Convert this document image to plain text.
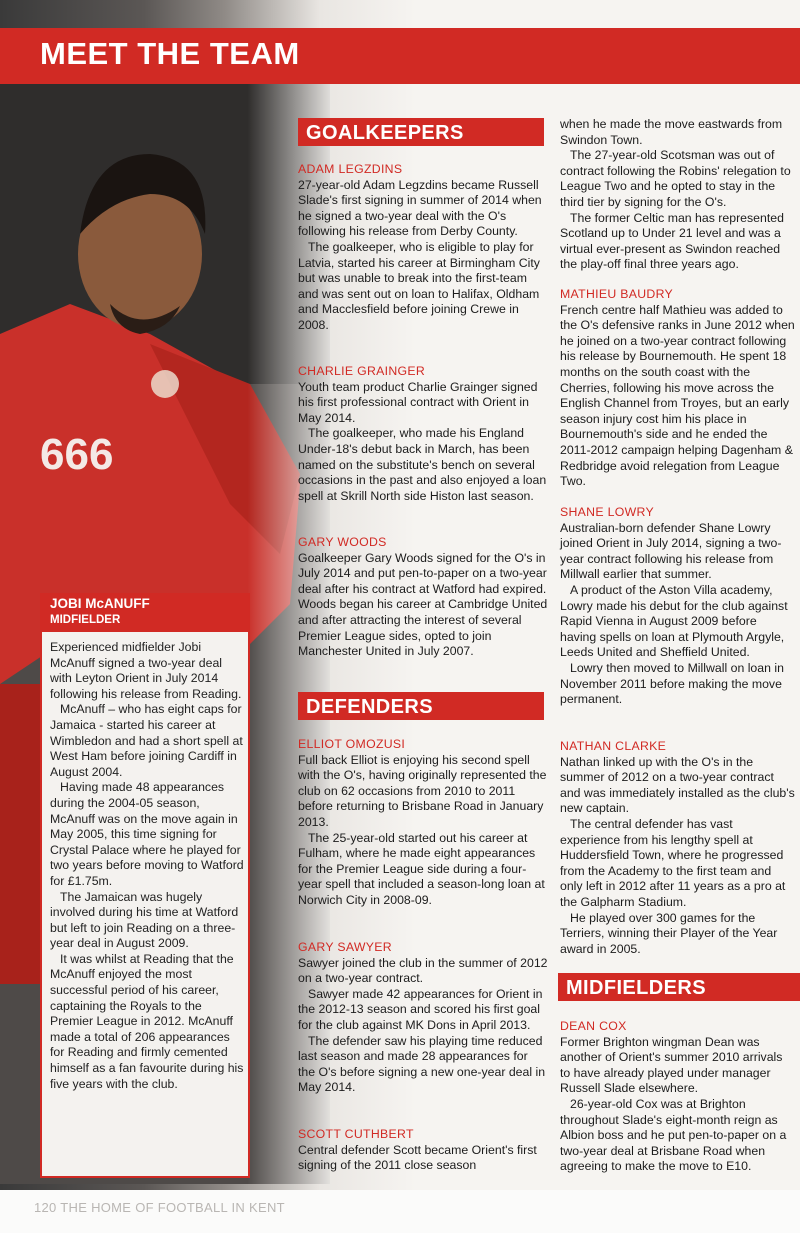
MEET THE TEAM
JOBI McANUFF
MIDFIELDER

Experienced midfielder Jobi McAnuff signed a two-year deal with Leyton Orient in July 2014 following his release from Reading.

McAnuff – who has eight caps for Jamaica - started his career at Wimbledon and had a short spell at West Ham before joining Cardiff in August 2004.

Having made 48 appearances during the 2004-05 season, McAnuff was on the move again in May 2005, this time signing for Crystal Palace where he played for two years before moving to Watford for £1.75m.

The Jamaican was hugely involved during his time at Watford but left to join Reading on a three-year deal in August 2009.

It was whilst at Reading that the McAnuff enjoyed the most successful period of his career, captaining the Royals to the Premier League in 2012. McAnuff made a total of 206 appearances for Reading and firmly cemented himself as a fan favourite during his five years with the club.

GOALKEEPERS
ADAM LEGZDINS

27-year-old Adam Legzdins became Russell Slade's first signing in summer of 2014 when he signed a two-year deal with the O's following his release from Derby County.

The goalkeeper, who is eligible to play for Latvia, started his career at Birmingham City but was unable to break into the first-team and was sent out on loan to Halifax, Oldham and Macclesfield before joining Crewe in 2008.

CHARLIE GRAINGER

Youth team product Charlie Grainger signed his first professional contract with Orient in May 2014.

The goalkeeper, who made his England Under-18's debut back in March, has been named on the substitute's bench on several occasions in the past and also enjoyed a loan spell at Skrill North side Histon last season.

GARY WOODS

Goalkeeper Gary Woods signed for the O's in July 2014 and put pen-to-paper on a two-year deal after his contract at Watford had expired.

Woods began his career at Cambridge United and after attracting the interest of several Premier League sides, opted to join Manchester United in July 2007.

DEFENDERS
ELLIOT OMOZUSI

Full back Elliot is enjoying his second spell with the O's, having originally represented the club on 62 occasions from 2010 to 2011 before returning to Brisbane Road in January 2013.

The 25-year-old started out his career at Fulham, where he made eight appearances for the Premier League side during a four-year spell that included a season-long loan at Norwich City in 2008-09.

GARY SAWYER

Sawyer joined the club in the summer of 2012 on a two-year contract.

Sawyer made 42 appearances for Orient in the 2012-13 season and scored his first goal for the club against MK Dons in April 2013.

The defender saw his playing time reduced last season and made 28 appearances for the O's before signing a new one-year deal in May 2014.

SCOTT CUTHBERT

Central defender Scott became Orient's first signing of the 2011 close season

when he made the move eastwards from Swindon Town.

The 27-year-old Scotsman was out of contract following the Robins' relegation to League Two and he opted to stay in the third tier by signing for the O's.

The former Celtic man has represented Scotland up to Under 21 level and was a virtual ever-present as Swindon reached the play-off final three years ago.

MATHIEU BAUDRY

French centre half Mathieu was added to the O's defensive ranks in June 2012 when he joined on a two-year contract following his release by Bournemouth. He spent 18 months on the south coast with the Cherries, following his move across the English Channel from Troyes, but an early season injury cost him his place in Bournemouth's side and he ended the 2011-2012 campaign helping Dagenham & Redbridge avoid relegation from League Two.

SHANE LOWRY

Australian-born defender Shane Lowry joined Orient in July 2014, signing a two-year contract following his release from Millwall earlier that summer.

A product of the Aston Villa academy, Lowry made his debut for the club against Rapid Vienna in August 2009 before having spells on loan at Plymouth Argyle, Leeds United and Sheffield United.

Lowry then moved to Millwall on loan in November 2011 before making the move permanent.

NATHAN CLARKE

Nathan linked up with the O's in the summer of 2012 on a two-year contract and was immediately installed as the club's new captain.

The central defender has vast experience from his lengthy spell at Huddersfield Town, where he progressed from the Academy to the first team and only left in 2012 after 11 years as a pro at the Galpharm Stadium.

He played over 300 games for the Terriers, winning their Player of the Year award in 2005.

MIDFIELDERS
DEAN COX

Former Brighton wingman Dean was another of Orient's summer 2010 arrivals to have already played under manager Russell Slade elsewhere.

26-year-old Cox was at Brighton throughout Slade's eight-month reign as Albion boss and he put pen-to-paper on a two-year deal at Brisbane Road when agreeing to make the move to E10.

120 THE HOME OF FOOTBALL IN KENT
